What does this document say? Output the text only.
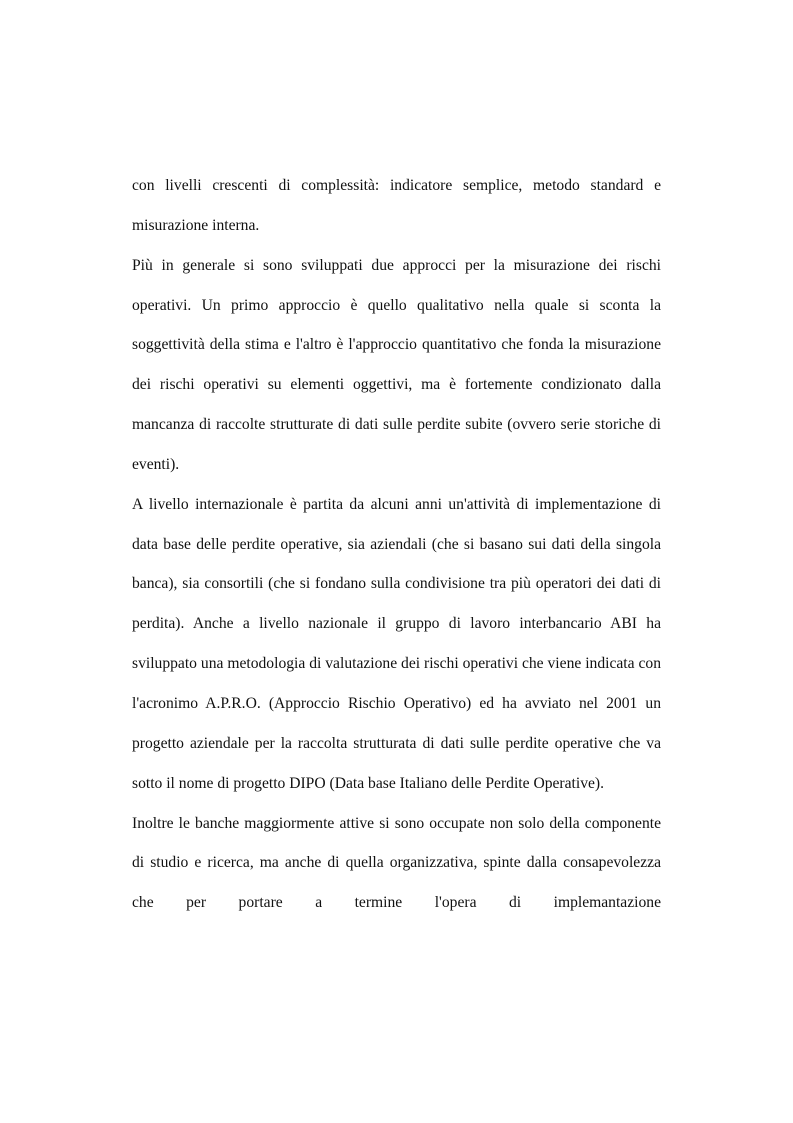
con livelli crescenti di complessità: indicatore semplice, metodo standard e misurazione interna.

Più in generale si sono sviluppati due approcci per la misurazione dei rischi operativi. Un primo approccio è quello qualitativo nella quale si sconta la soggettività della stima e l'altro è l'approccio quantitativo che fonda la misurazione dei rischi operativi su elementi oggettivi, ma è fortemente condizionato dalla mancanza di raccolte strutturate di dati sulle perdite subite (ovvero serie storiche di eventi).

A livello internazionale è partita da alcuni anni un'attività di implementazione di data base delle perdite operative, sia aziendali (che si basano sui dati della singola banca), sia consortili (che si fondano sulla condivisione tra più operatori dei dati di perdita). Anche a livello nazionale il gruppo di lavoro interbancario ABI ha sviluppato una metodologia di valutazione dei rischi operativi che viene indicata con l'acronimo A.P.R.O. (Approccio Rischio Operativo) ed ha avviato nel 2001 un progetto aziendale per la raccolta strutturata di dati sulle perdite operative che va sotto il nome di progetto DIPO (Data base Italiano delle Perdite Operative).

Inoltre le banche maggiormente attive si sono occupate non solo della componente di studio e ricerca, ma anche di quella organizzativa, spinte dalla consapevolezza che per portare a termine l'opera di implemantazione
